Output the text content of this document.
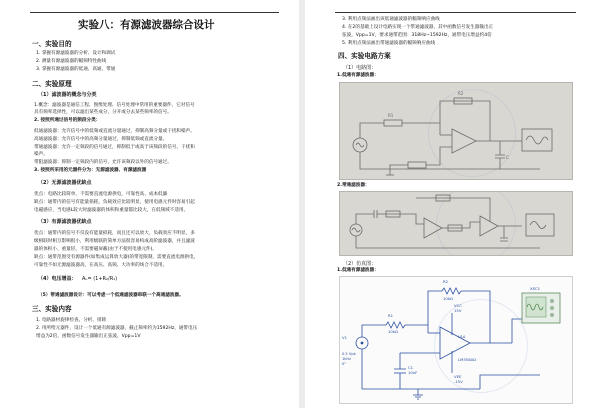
实验八：有源滤波器综合设计
一、实验目的
1. 掌握有源滤波器的分析、设计和调试
2. 测量有源滤波器的幅频特性曲线
3. 掌握有源滤波器的低通、高通、带通
二、实验原理
（1）滤波器的概念与分类
1.概念：滤波器是通信工程、图像处理、信号处理中常用的重要器件，它对信号
具有频率选择性，可以滤出某些成分，分开或分去某些频率的信号。
2. 按照所通过信号的频段分类：
低通滤波器：允许信号中的低频或直流分量通过，抑制高频分量或干扰和噪声。
高通滤波器：允许信号中的高频分量通过，抑制低频或直流分量。
带通滤波器：允许一定频段的信号通过，抑制低于或高于该频段的信号、干扰和
噪声。
带阻滤波器：抑制一定频段内的信号，允许该频段以外的信号通过。
3. 按照所采用的元器件分为：无源滤波器、有源滤波器
（2）无源滤波器优缺点
优点：电路比较简单，不需要直流电源供电，可靠性高、成本低廉
缺点：通带内的信号有能量损耗，负载效应比较明显，使用电感元件时容易引起
电磁感应，当电感L较大时滤波器的体积和重量都比较大，在低频域不适用。
（3）有源滤波器优缺点
优点：通带内的信号不仅没有能量损耗，而且还可以放大，负载效应不明显，多
级相联时相互影响很小，利用级联的简单方法很容易构成高阶滤波器，并且滤波
器的体积小、重量轻、不需要磁屏蔽(由于不使用电感元件)。
缺点：通带范围受有源器件(如集成运算放大器)的带宽限制，需要直流电源供电，
可靠性不如无源滤波器高，在高压、高频、大功率的场合不适用。
（4）电压增益： Aᵤ= (1+R₂/R₁)
（5）带通滤波器设计：可以考虑一个低通滤波器串联一个高通滤波器。
三、实验内容
1. 电路器材旋律检查、分析、排除
2. 用所给元器件，设计一个低通有源滤波器，截止频率约为1592Hz，通带电压
增益为2倍，函数信号发生器输出正弦波，Vpp=1V
3. 利用点频法画出该低通滤波器的幅频响应曲线
4. 在2的基础上设计电路实现一个带通滤波器，其中函数信号发生器输出正
弦波，Vpp=1V，要求通带范围：318Hz~1592Hz，通带电压增益约4倍
5. 利用点频法画出带通滤波器的幅频响应曲线
四、实验电路方案
（1）电路图：
1.低通有源滤波器：
R1
R2
C
2.带通滤波器：
（2）仿真图：
1.低通有源滤波器：
R2
10kΩ
VCC
15V
R1
10kΩ
V1
0.5 Vpk
1kHz
0°
U1A
LM358AD
C1
10nF
VEE
-15V
XSC1
